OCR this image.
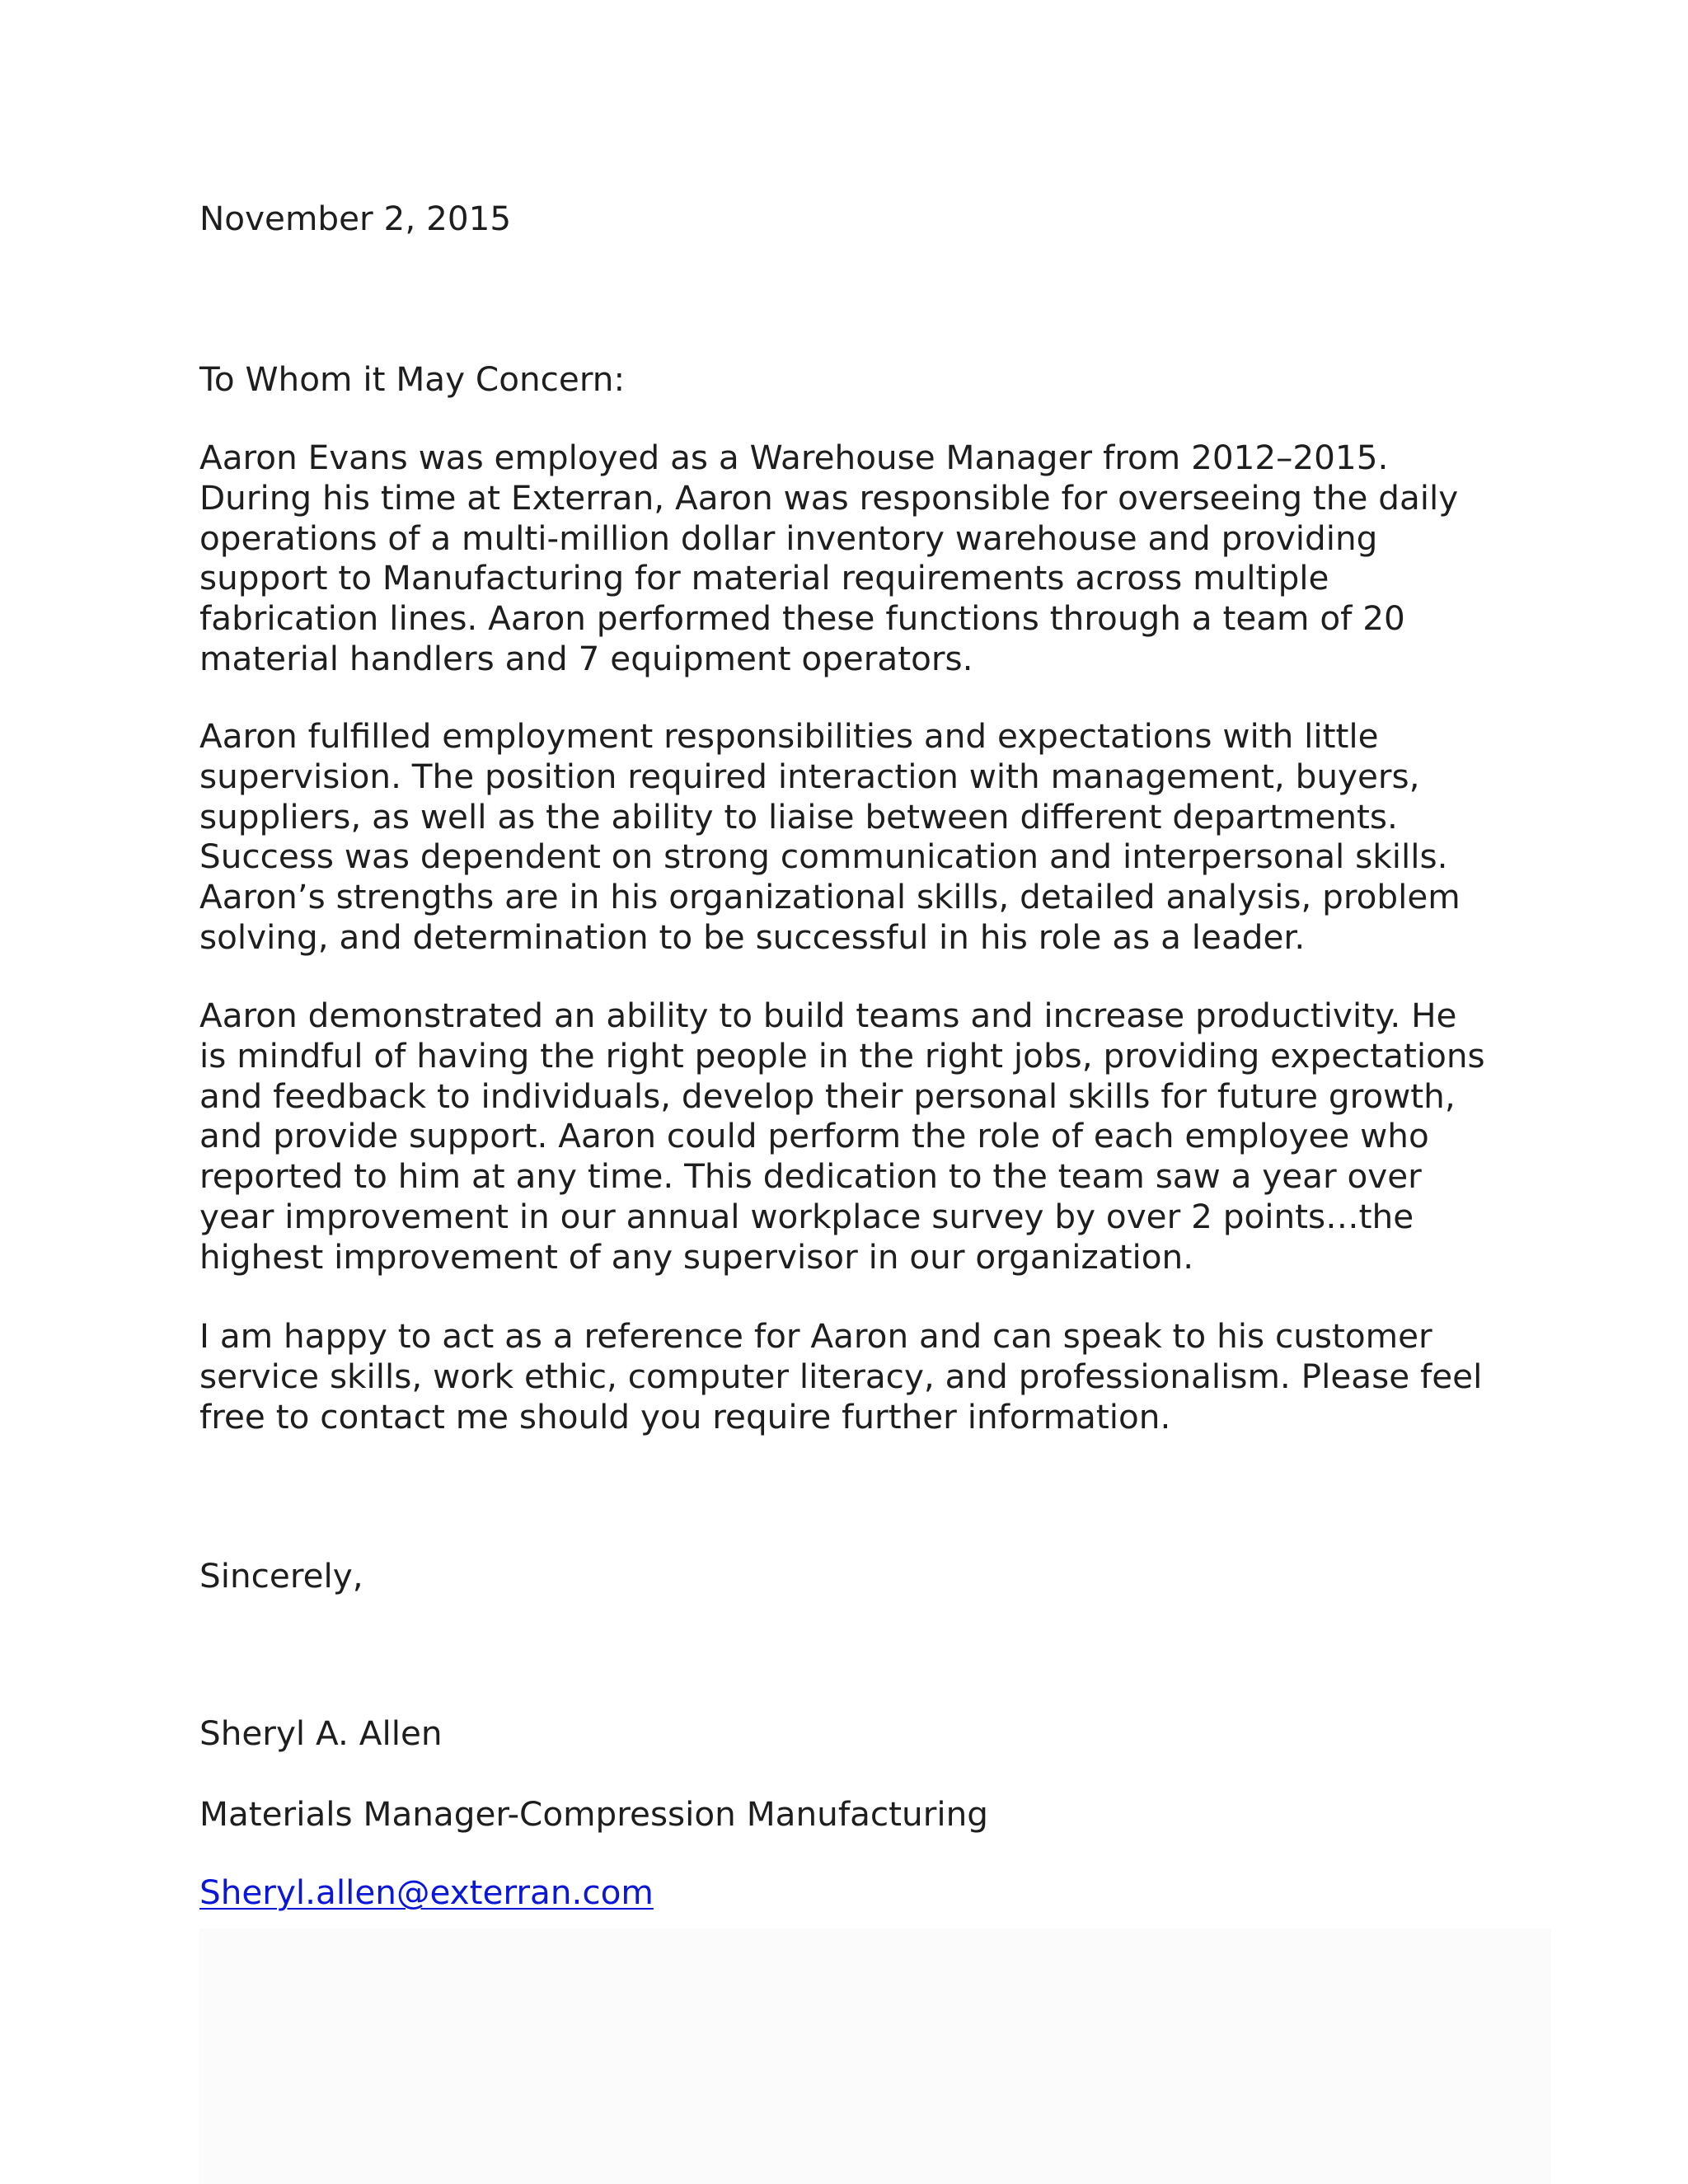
November 2, 2015
To Whom it May Concern:
Aaron Evans was employed as a Warehouse Manager from 2012–2015.
During his time at Exterran, Aaron was responsible for overseeing the daily
operations of a multi-million dollar inventory warehouse and providing
support to Manufacturing for material requirements across multiple
fabrication lines. Aaron performed these functions through a team of 20
material handlers and 7 equipment operators.
Aaron fulfilled employment responsibilities and expectations with little
supervision. The position required interaction with management, buyers,
suppliers, as well as the ability to liaise between different departments.
Success was dependent on strong communication and interpersonal skills.
Aaron’s strengths are in his organizational skills, detailed analysis, problem
solving, and determination to be successful in his role as a leader.
Aaron demonstrated an ability to build teams and increase productivity. He
is mindful of having the right people in the right jobs, providing expectations
and feedback to individuals, develop their personal skills for future growth,
and provide support. Aaron could perform the role of each employee who
reported to him at any time. This dedication to the team saw a year over
year improvement in our annual workplace survey by over 2 points…the
highest improvement of any supervisor in our organization.
I am happy to act as a reference for Aaron and can speak to his customer
service skills, work ethic, computer literacy, and professionalism. Please feel
free to contact me should you require further information.
Sincerely,
Sheryl A. Allen
Materials Manager-Compression Manufacturing
Sheryl.allen@exterran.com
